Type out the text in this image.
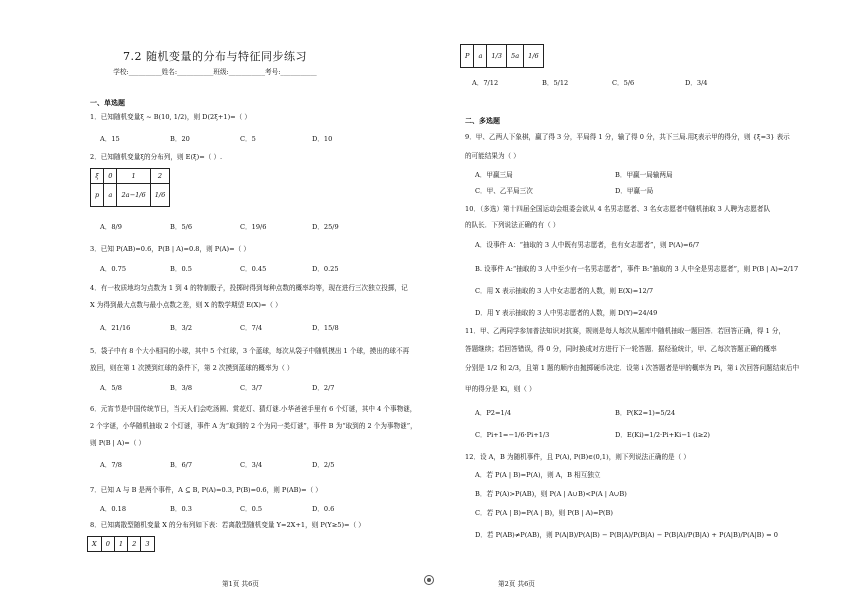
7.2 随机变量的分布与特征同步练习
学校:__________姓名:___________班级:___________考号:___________
一、单选题
1．已知随机变量ξ ~ B(10, 1/2)，则 D(2ξ+1)=（ ）
A．15	B．20	C．5	D．10
2．已知随机变量ξ的分布列，则 E(ξ)=（ ）.
ξ	0	1	2
p	a	2a−1/6	1/6
A．8/9	B．5/6	C．19/6	D．25/9
3．已知 P(AB)=0.6，P(B | A)=0.8，则 P(A)=（ ）
A．0.75	B．0.5	C．0.45	D．0.25
4．有一枚质地均匀点数为 1 到 4 的特制骰子，投掷时得到每种点数的概率均等，现在进行三次独立投掷，记
X 为得到最大点数与最小点数之差，则 X 的数学期望 E(X)=（ ）
A．21/16	B．3/2	C．7/4	D．15/8
5．袋子中有 8 个大小相同的小球，其中 5 个红球，3 个蓝球，每次从袋子中随机摸出 1 个球，摸出的球不再
放回，则在第 1 次摸到红球的条件下，第 2 次摸到蓝球的概率为（ ）
A．5/8	B．3/8	C．3/7	D．2/7
6．元宵节是中国传统节日，当天人们会吃汤圆、赏花灯、猜灯谜.小华爸爸手里有 6 个灯谜，其中 4 个事物谜，
2 个字谜，小华随机抽取 2 个灯谜，事件 A 为“取到的 2 个为同一类灯谜”，事件 B 为“取到的 2 个为事物谜”，
则 P(B | A)=（ ）
A．7/8	B．6/7	C．3/4	D．2/5
7．已知 A 与 B 是两个事件，A ⊆ B, P(A)=0.3, P(B)=0.6，则 P(AB)=（ ）
A．0.18	B．0.3	C．0.5	D．0.6
8．已知离散型随机变量 X 的分布列如下表：若离散型随机变量 Y=2X+1，则 P(Y≥5)=（ ）
X	0	1	2	3
第1页 共6页
P	a	1/3	5a	1/6
A．7/12	B．5/12	C．5/6	D．3/4
二、多选题
9．甲、乙两人下象棋，赢了得 3 分，平局得 1 分，输了得 0 分，共下三局.用ξ表示甲的得分，则 {ξ=3} 表示
的可能结果为（ ）
A．甲赢三局	B．甲赢一局输两局
C．甲、乙平局三次	D．甲赢一局
10．（多选）第十四届全国运动会组委会欲从 4 名男志愿者、3 名女志愿者中随机抽取 3 人聘为志愿者队
的队长．下列说法正确的有（ ）
A．设事件 A：“抽取的 3 人中既有男志愿者，也有女志愿者”，则 P(A)=6/7
B. 设事件 A:“抽取的 3 人中至少有一名男志愿者”，事件 B:“抽取的 3 人中全是男志愿者”，则 P(B | A)=2/17
C．用 X 表示抽取的 3 人中女志愿者的人数，则 E(X)=12/7
D．用 Y 表示抽取的 3 人中男志愿者的人数，则 D(Y)=24/49
11．甲、乙两同学参加普法知识对抗赛，规则是每人每次从题库中随机抽取一题回答．若回答正确，得 1 分，
答题继续；若回答错误，得 0 分，同时换成对方进行下一轮答题．据经验统计，甲、乙每次答题正确的概率
分别是 1/2 和 2/3，且第 1 题的顺序由抛掷硬币决定．设第 i 次答题者是甲的概率为 Pi，第 i 次回答问题结束后中
甲的得分是 Ki，则（ ）
A．P2=1/4	B．P(K2=1)=5/24
C．Pi+1=−1/6·Pi+1/3	D．E(Ki)=1/2·Pi+Ki−1 (i≥2)
12．设 A，B 为随机事件，且 P(A), P(B)∈(0,1)，则下列说法正确的是（ ）
A．若 P(A | B)=P(A)，则 A，B 相互独立
B．若 P(A)>P(AB)，则 P(A | A∪B)<P(A | A∪B)
C．若 P(A | B)=P(A | B)，则 P(B | A)=P(B)
D．若 P(AB)≠P(AB)，则 P(A|B)/P(A|B) − P(B|A)/P(B|A) − P(B|A)/P(B|A) + P(A|B)/P(A|B) = 0
第2页 共6页
